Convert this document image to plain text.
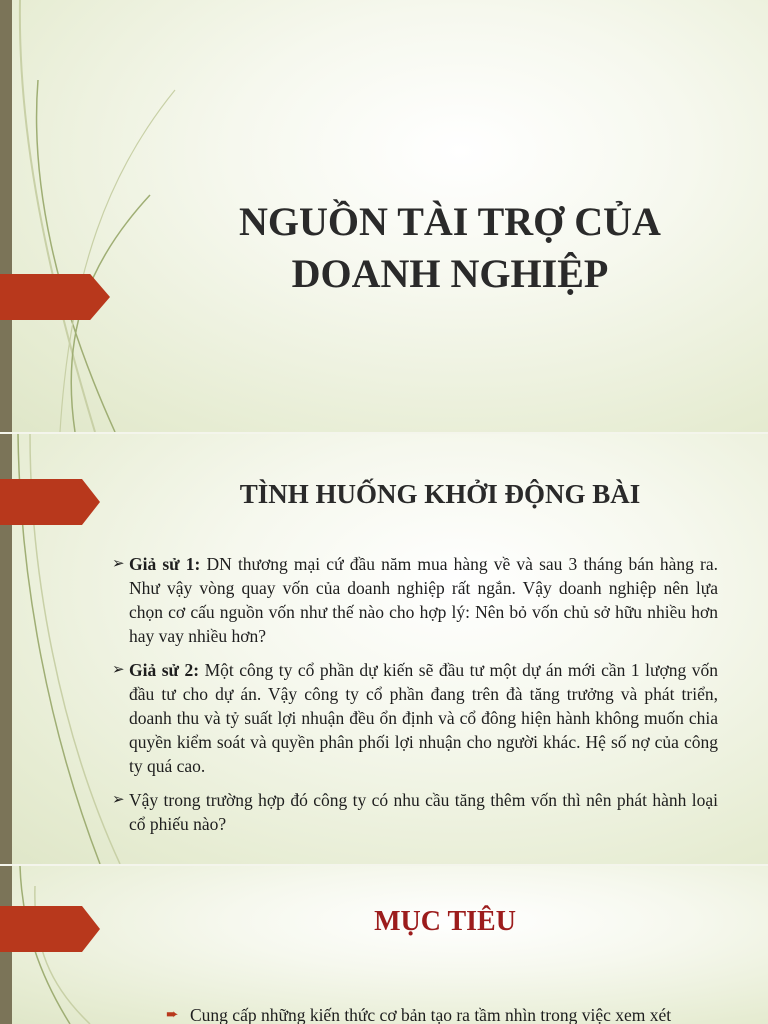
NGUỒN TÀI TRỢ CỦA
DOANH NGHIỆP
TÌNH HUỐNG KHỞI ĐỘNG BÀI
➢ Giả sử 1: DN thương mại cứ đầu năm mua hàng về và sau 3 tháng bán hàng ra. Như vậy vòng quay vốn của doanh nghiệp rất ngắn. Vậy doanh nghiệp nên lựa chọn cơ cấu nguồn vốn như thế nào cho hợp lý: Nên bỏ vốn chủ sở hữu nhiều hơn hay vay nhiều hơn?
➢ Giả sử 2: Một công ty cổ phần dự kiến sẽ đầu tư một dự án mới cần 1 lượng vốn đầu tư cho dự án. Vậy công ty cổ phần đang trên đà tăng trưởng và phát triển, doanh thu và tỷ suất lợi nhuận đều ổn định và cổ đông hiện hành không muốn chia quyền kiểm soát và quyền phân phối lợi nhuận cho người khác. Hệ số nợ của công ty quá cao.
➢ Vậy trong trường hợp đó công ty có nhu cầu tăng thêm vốn thì nên phát hành loại cổ phiếu nào?
MỤC TIÊU
➨ Cung cấp những kiến thức cơ bản tạo ra tầm nhìn trong việc xem xét
